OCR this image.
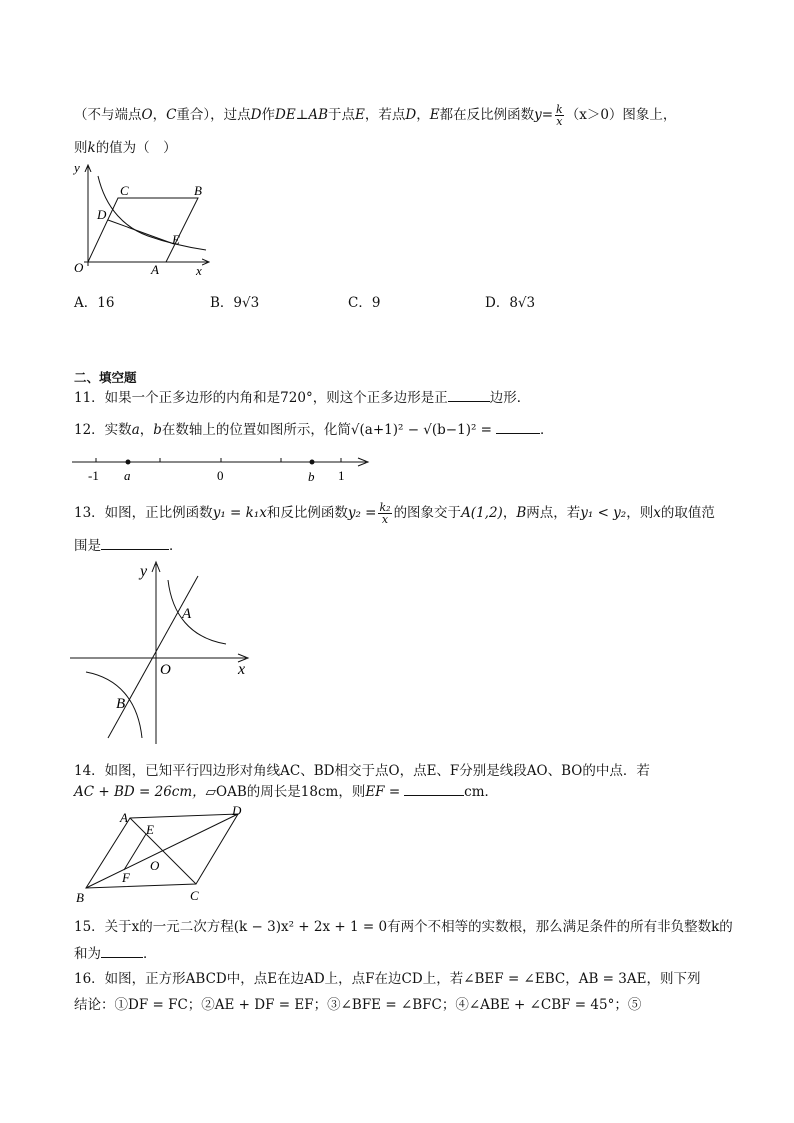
（不与端点O，C重合），过点D作DE⊥AB于点E，若点D，E都在反比例函数$y= \frac{k}{x} (x>0)$图象上，
则k的值为（　）
y
x
O	A
B
C
D
E
A．16	B．9√3	C．9	D．8√3
二、填空题
11．如果一个正多边形的内角和是720°，则这个正多边形是正	边形．
12．实数a，b在数轴上的位置如图所示，化简√(a+1)² − √(b−1)² =	．
-1 a	0	b 1
13．如图，正比例函数y₁ = k₁x和反比例函数$y_2 = \frac{\text{k₂}}{x}$ 的图象交于A(1,2)，B两点，若y₁ < y₂，则x的取值范
围是	．
y
x
O
A
B
14．如图，已知平行四边形对角线AC、BD相交于点O，点E、F分别是线段AO、BO的中点．若
AC + BD = 26cm，▱OAB的周长是18cm，则EF =	cm．
A	D
B	C
E
F
O
15．关于x的一元二次方程(k − 3)x² + 2x + 1 = 0有两个不相等的实数根，那么满足条件的所有非负整数k的
和为	．
16．如图，正方形ABCD中，点E在边AD上，点F在边CD上，若∠BEF = ∠EBC，AB = 3AE，则下列
结论：①DF = FC；②AE + DF = EF；③∠BFE = ∠BFC；④∠ABE + ∠CBF = 45°；⑤
